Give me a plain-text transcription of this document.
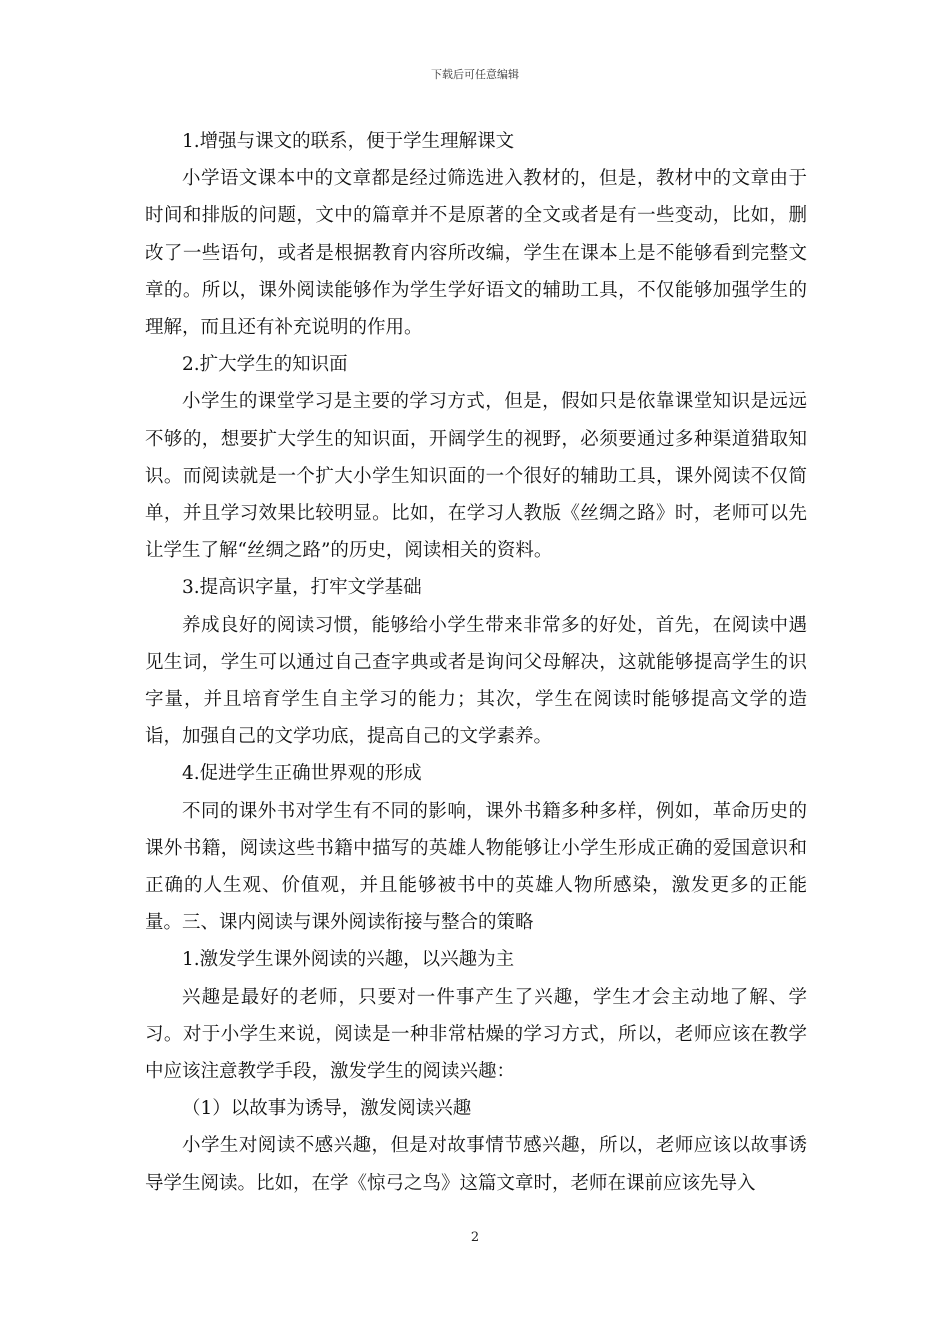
下载后可任意编辑

1.增强与课文的联系，便于学生理解课文

小学语文课本中的文章都是经过筛选进入教材的，但是，教材中的文章由于时间和排版的问题，文中的篇章并不是原著的全文或者是有一些变动，比如，删改了一些语句，或者是根据教育内容所改编，学生在课本上是不能够看到完整文章的。所以，课外阅读能够作为学生学好语文的辅助工具，不仅能够加强学生的理解，而且还有补充说明的作用。

2.扩大学生的知识面

小学生的课堂学习是主要的学习方式，但是，假如只是依靠课堂知识是远远不够的，想要扩大学生的知识面，开阔学生的视野，必须要通过多种渠道猎取知识。而阅读就是一个扩大小学生知识面的一个很好的辅助工具，课外阅读不仅简单，并且学习效果比较明显。比如，在学习人教版《丝绸之路》时，老师可以先让学生了解“丝绸之路”的历史，阅读相关的资料。

3.提高识字量，打牢文学基础

养成良好的阅读习惯，能够给小学生带来非常多的好处，首先，在阅读中遇见生词，学生可以通过自己查字典或者是询问父母解决，这就能够提高学生的识字量，并且培育学生自主学习的能力；其次，学生在阅读时能够提高文学的造诣，加强自己的文学功底，提高自己的文学素养。

4.促进学生正确世界观的形成

不同的课外书对学生有不同的影响，课外书籍多种多样，例如，革命历史的课外书籍，阅读这些书籍中描写的英雄人物能够让小学生形成正确的爱国意识和正确的人生观、价值观，并且能够被书中的英雄人物所感染，激发更多的正能量。三、课内阅读与课外阅读衔接与整合的策略

1.激发学生课外阅读的兴趣，以兴趣为主

兴趣是最好的老师，只要对一件事产生了兴趣，学生才会主动地了解、学习。对于小学生来说，阅读是一种非常枯燥的学习方式，所以，老师应该在教学中应该注意教学手段，激发学生的阅读兴趣：

（1）以故事为诱导，激发阅读兴趣

小学生对阅读不感兴趣，但是对故事情节感兴趣，所以，老师应该以故事诱导学生阅读。比如，在学《惊弓之鸟》这篇文章时，老师在课前应该先导入

2
